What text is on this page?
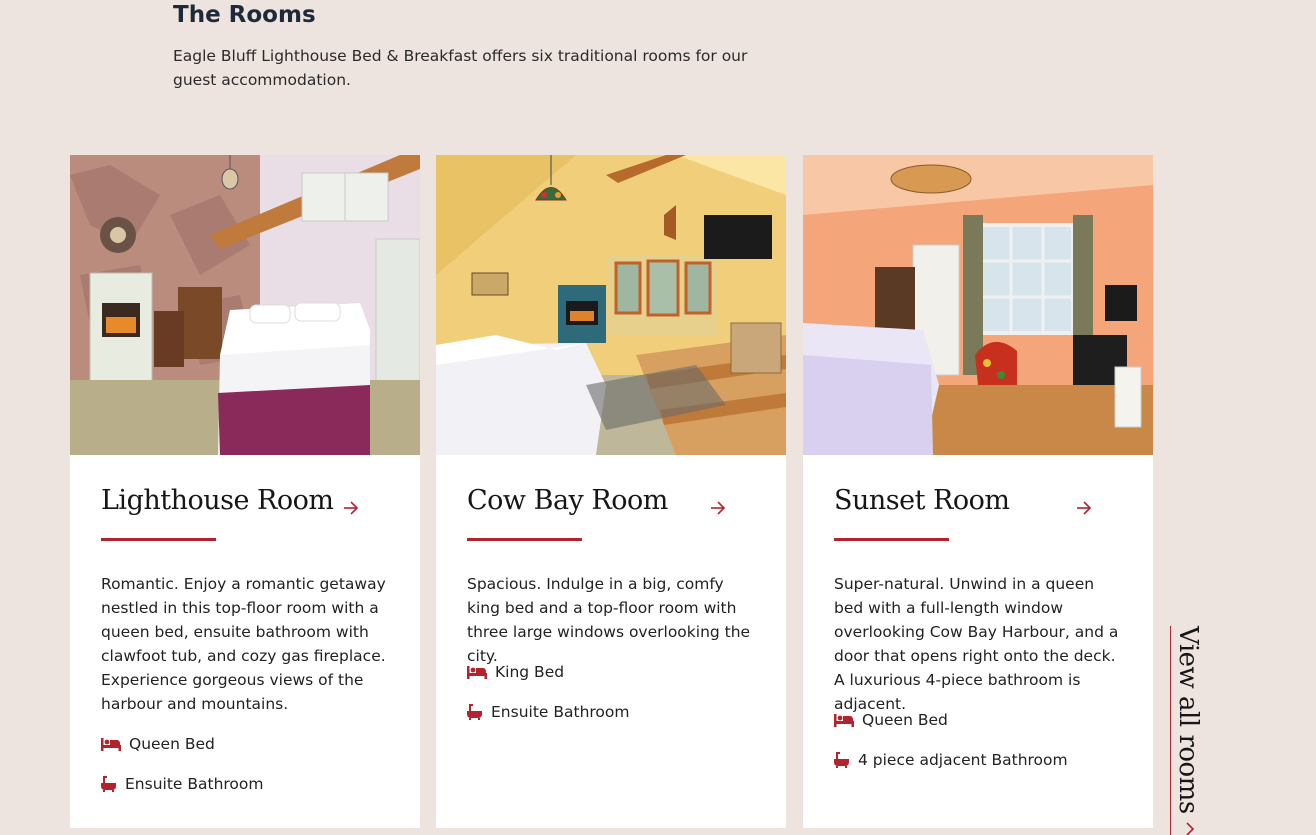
The Rooms

Eagle Bluff Lighthouse Bed & Breakfast offers six traditional rooms for our guest accommodation.

Lighthouse Room

Romantic. Enjoy a romantic getaway nestled in this top-floor room with a queen bed, ensuite bathroom with clawfoot tub, and cozy gas fireplace. Experience gorgeous views of the harbour and mountains.

Queen Bed
Ensuite Bathroom
Cow Bay Room

Spacious. Indulge in a big, comfy king bed and a top-floor room with three large windows overlooking the city.

King Bed
Ensuite Bathroom
Sunset Room

Super-natural. Unwind in a queen bed with a full-length window overlooking Cow Bay Harbour, and a door that opens right onto the deck. A luxurious 4-piece bathroom is adjacent.

Queen Bed
4 piece adjacent Bathroom	View all rooms
